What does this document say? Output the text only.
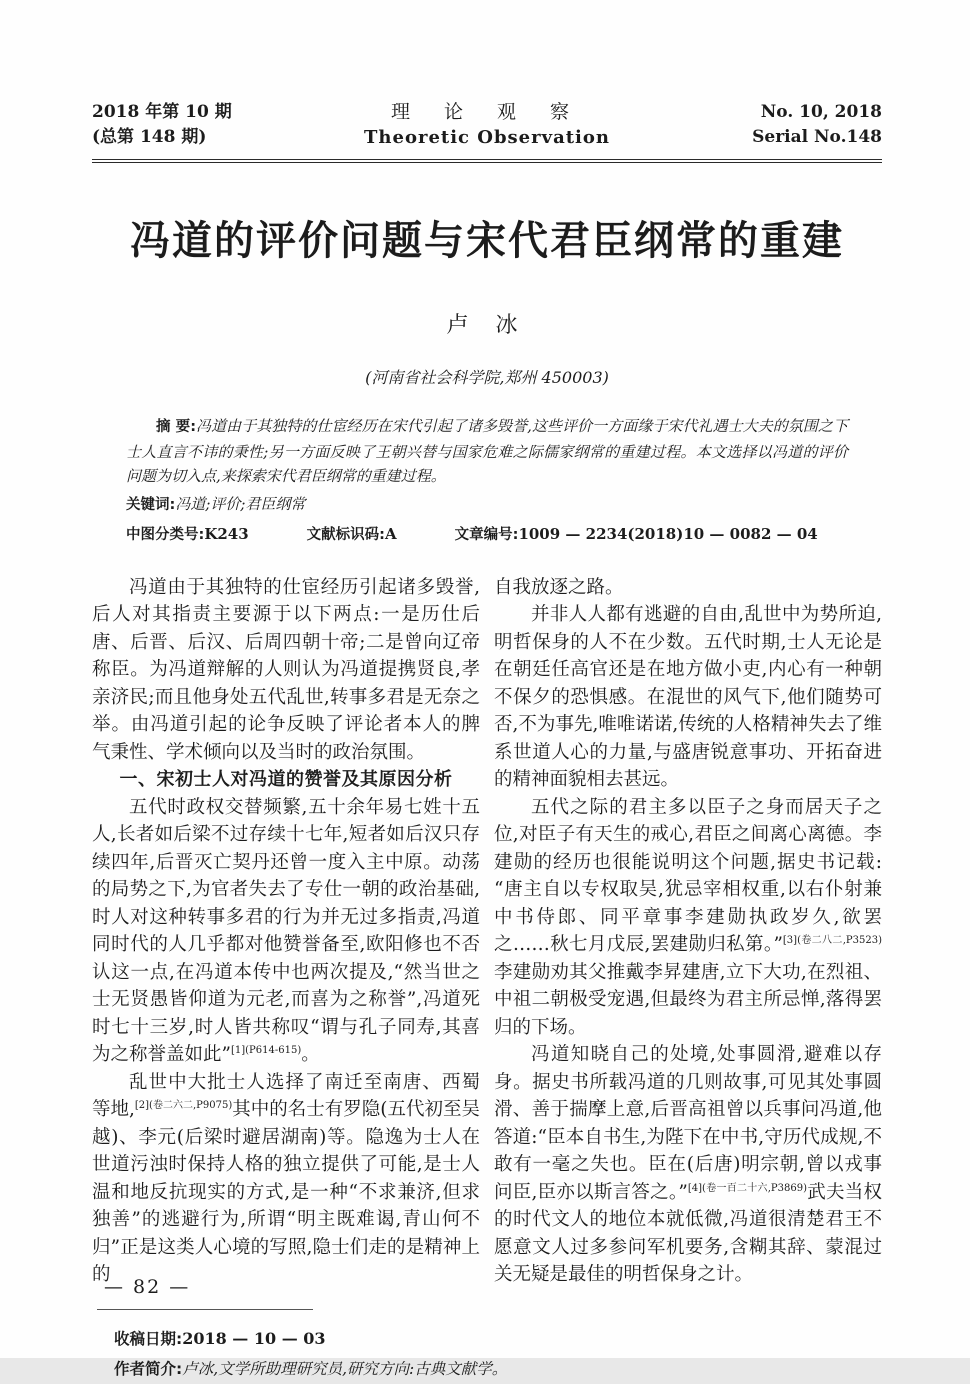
2018 年第 10 期
(总第 148 期)
理 论 观 察
Theoretic Observation
No. 10, 2018
Serial No.148
冯道的评价问题与宋代君臣纲常的重建
卢 冰
(河南省社会科学院,郑州 450003)

摘 要:冯道由于其独特的仕宦经历在宋代引起了诸多毁誉,这些评价一方面缘于宋代礼遇士大夫的氛围之下士人直言不讳的秉性;另一方面反映了王朝兴替与国家危难之际儒家纲常的重建过程。本文选择以冯道的评价问题为切入点,来探索宋代君臣纲常的重建过程。

关键词:冯道;评价;君臣纲常

中图分类号:K243	文献标识码:A	文章编号:1009 — 2234(2018)10 — 0082 — 04

冯道由于其独特的仕宦经历引起诸多毁誉,后人对其指责主要源于以下两点:一是历仕后唐、后晋、后汉、后周四朝十帝;二是曾向辽帝称臣。为冯道辩解的人则认为冯道提携贤良,孝亲济民;而且他身处五代乱世,转事多君是无奈之举。由冯道引起的论争反映了评论者本人的脾气秉性、学术倾向以及当时的政治氛围。

一、宋初士人对冯道的赞誉及其原因分析

五代时政权交替频繁,五十余年易七姓十五人,长者如后梁不过存续十七年,短者如后汉只存续四年,后晋灭亡契丹还曾一度入主中原。动荡的局势之下,为官者失去了专仕一朝的政治基础,时人对这种转事多君的行为并无过多指责,冯道同时代的人几乎都对他赞誉备至,欧阳修也不否认这一点,在冯道本传中也两次提及,“然当世之士无贤愚皆仰道为元老,而喜为之称誉”,冯道死时七十三岁,时人皆共称叹“谓与孔子同寿,其喜为之称誉盖如此”$^{[1](P614-615)}$。

乱世中大批士人选择了南迁至南唐、西蜀等地,$^{[2](卷二六二,P9075)}$其中的名士有罗隐(五代初至吴越)、李元(后梁时避居湖南)等。隐逸为士人在世道污浊时保持人格的独立提供了可能,是士人温和地反抗现实的方式,是一种“不求兼济,但求独善”的逃避行为,所谓“明主既难谒,青山何不归”正是这类人心境的写照,隐士们走的是精神上的

自我放逐之路。

并非人人都有逃避的自由,乱世中为势所迫,明哲保身的人不在少数。五代时期,士人无论是在朝廷任高官还是在地方做小吏,内心有一种朝不保夕的恐惧感。在混世的风气下,他们随势可否,不为事先,唯唯诺诺,传统的人格精神失去了维系世道人心的力量,与盛唐锐意事功、开拓奋进的精神面貌相去甚远。

五代之际的君主多以臣子之身而居天子之位,对臣子有天生的戒心,君臣之间离心离德。李建勋的经历也很能说明这个问题,据史书记载:“唐主自以专权取吴,犹忌宰相权重,以右仆射兼中书侍郎、同平章事李建勋执政岁久,欲罢之……秋七月戊辰,罢建勋归私第。”$^{[3](卷二八二,P3523)}$李建勋劝其父推戴李昇建唐,立下大功,在烈祖、中祖二朝极受宠遇,但最终为君主所忌惮,落得罢归的下场。

冯道知晓自己的处境,处事圆滑,避难以存身。据史书所载冯道的几则故事,可见其处事圆滑、善于揣摩上意,后晋高祖曾以兵事问冯道,他答道:“臣本自书生,为陛下在中书,守历代成规,不敢有一毫之失也。臣在(后唐)明宗朝,曾以戎事问臣,臣亦以斯言答之。”$^{[4](卷一百二十六,P3869)}$武夫当权的时代文人的地位本就低微,冯道很清楚君王不愿意文人过多参问军机要务,含糊其辞、蒙混过关无疑是最佳的明哲保身之计。

收稿日期:2018 — 10 — 03
作者简介:卢冰,文学所助理研究员,研究方向:古典文献学。
— 82 —
